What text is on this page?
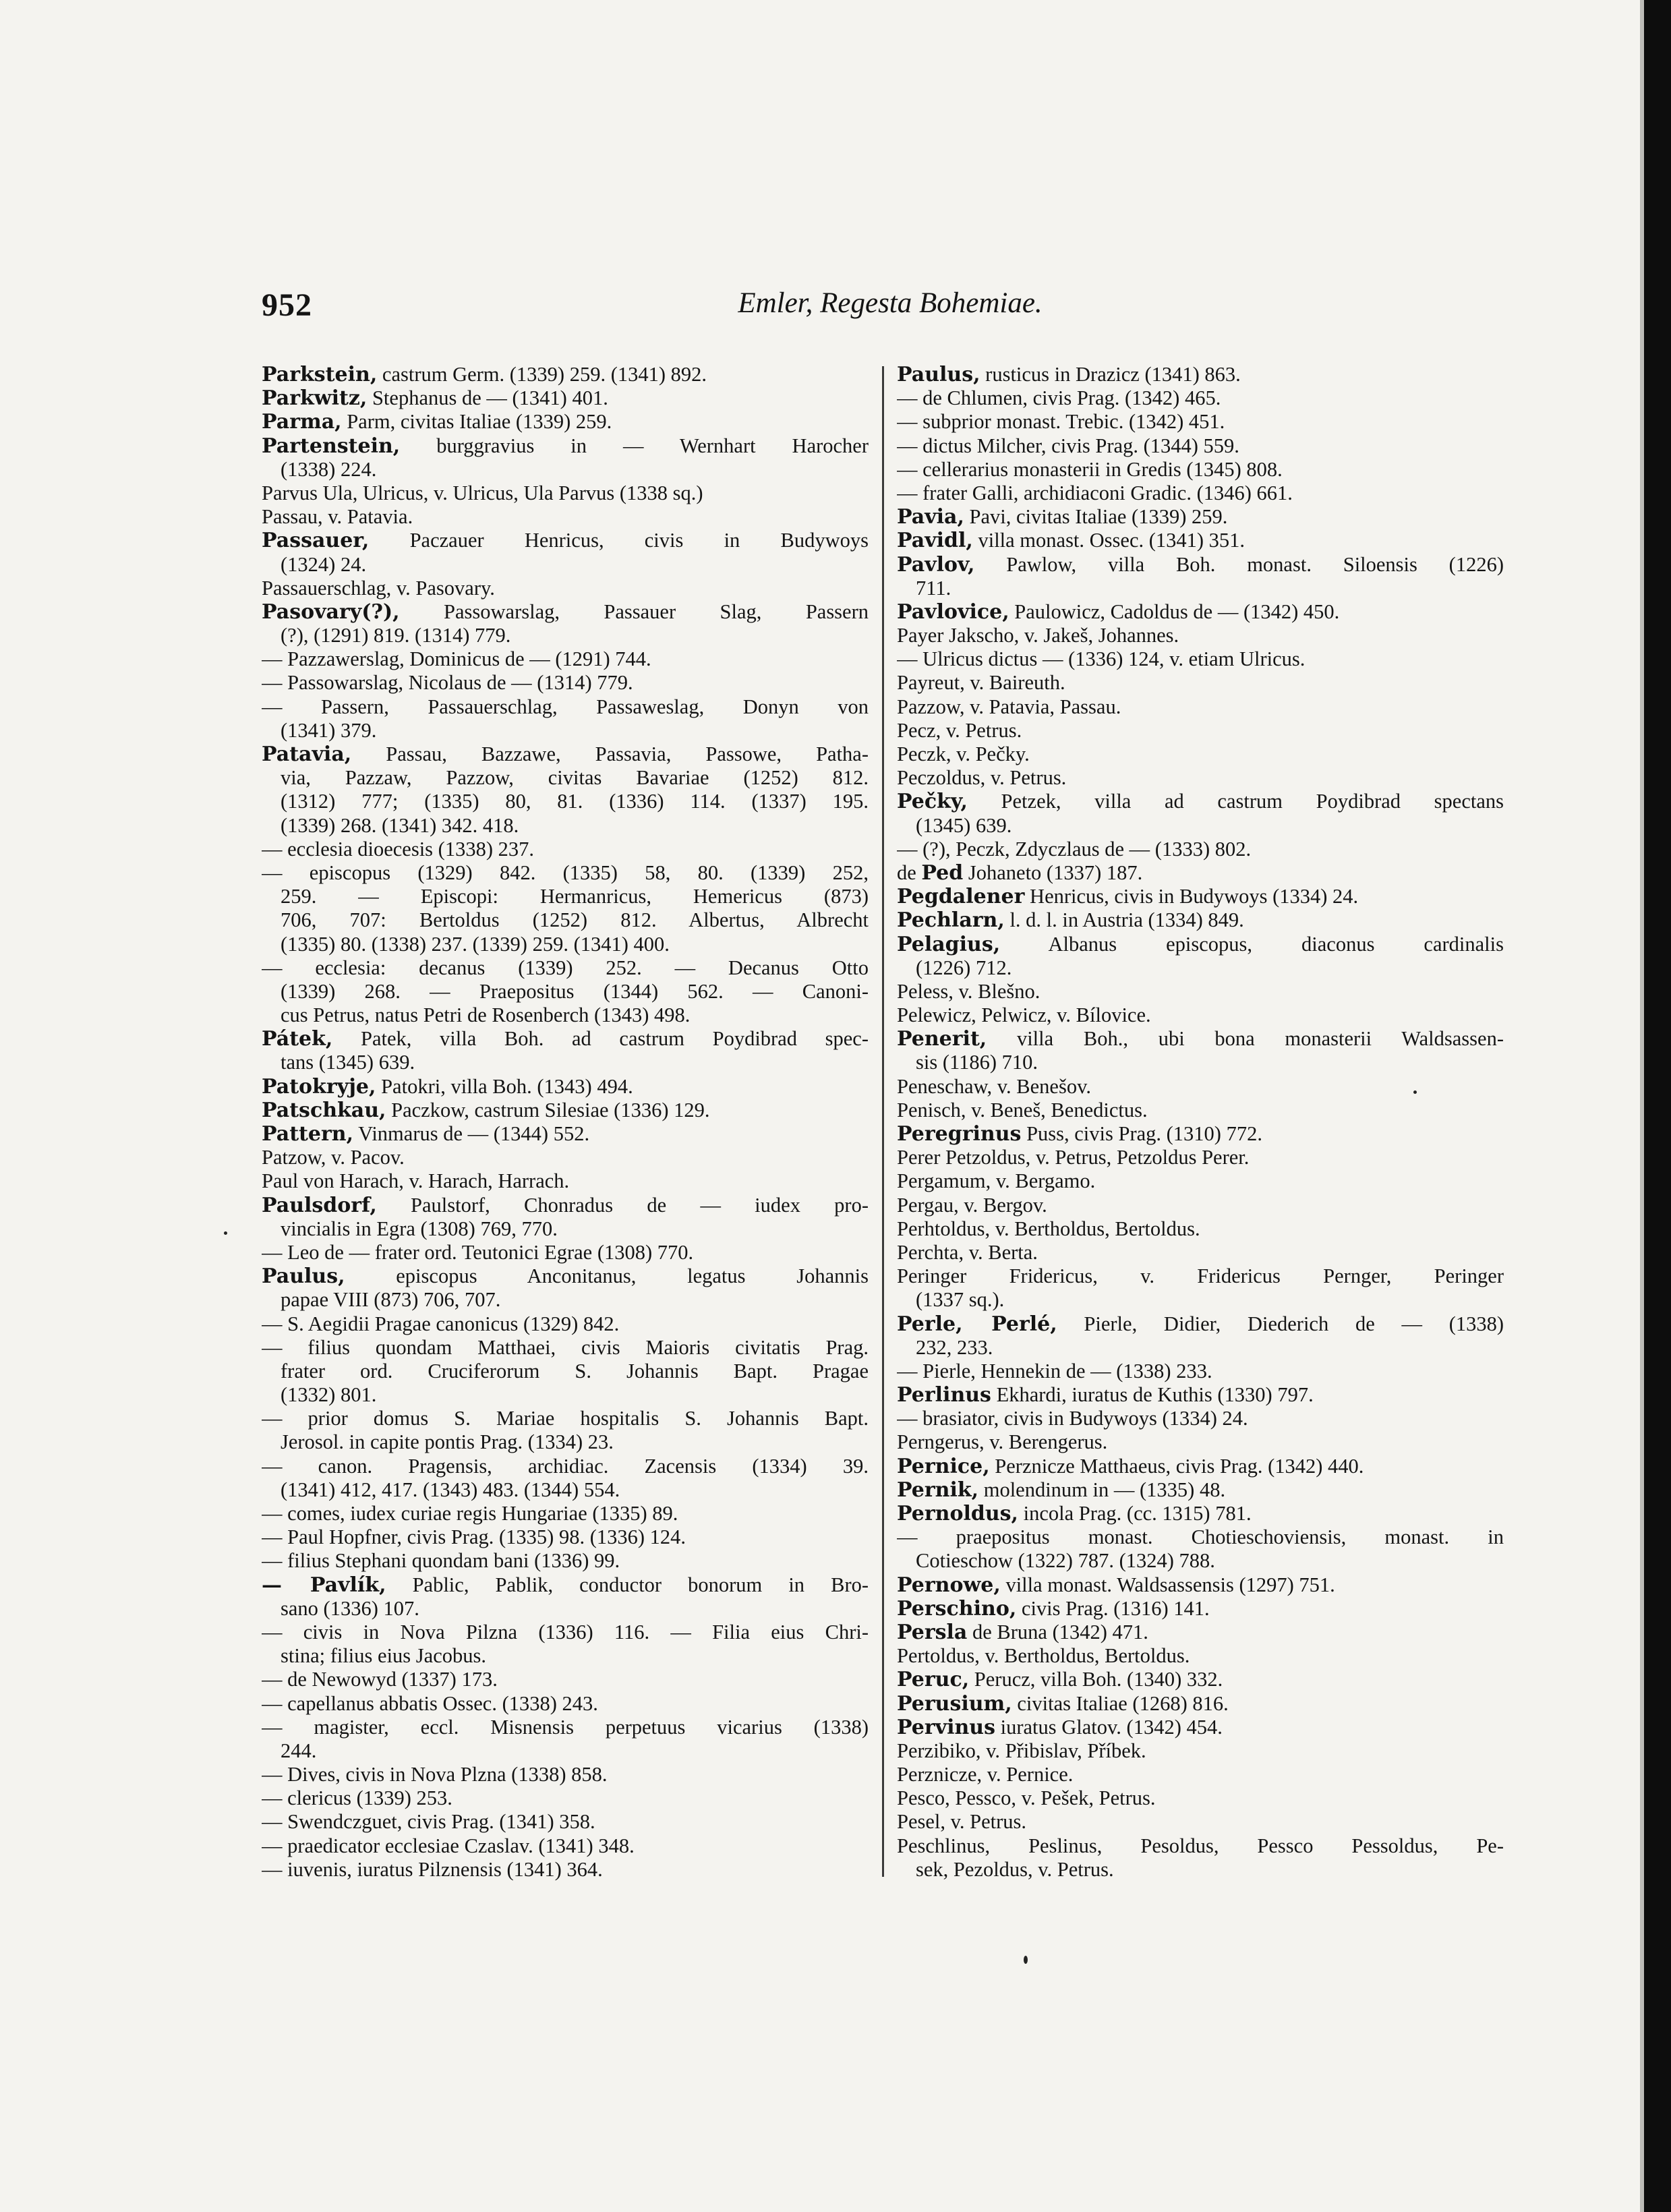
952	Emler, Regesta Bohemiae.
Parkstein, castrum Germ. (1339) 259. (1341) 892.
Parkwitz, Stephanus de — (1341) 401.
Parma, Parm, civitas Italiae (1339) 259.
Partenstein, burggravius in — Wernhart Harocher
(1338) 224.
Parvus Ula, Ulricus, v. Ulricus, Ula Parvus (1338 sq.)
Passau, v. Patavia.
Passauer, Paczauer Henricus, civis in Budywoys
(1324) 24.
Passauerschlag, v. Pasovary.
Pasovary(?), Passowarslag, Passauer Slag, Passern
(?), (1291) 819. (1314) 779.
— Pazzawerslag, Dominicus de — (1291) 744.
— Passowarslag, Nicolaus de — (1314) 779.
— Passern, Passauerschlag, Passaweslag, Donyn von
(1341) 379.
Patavia, Passau, Bazzawe, Passavia, Passowe, Patha-
via, Pazzaw, Pazzow, civitas Bavariae (1252) 812.
(1312) 777; (1335) 80, 81. (1336) 114. (1337) 195.
(1339) 268. (1341) 342. 418.
— ecclesia dioecesis (1338) 237.
— episcopus (1329) 842. (1335) 58, 80. (1339) 252,
259. — Episcopi: Hermanricus, Hemericus (873)
706, 707: Bertoldus (1252) 812. Albertus, Albrecht
(1335) 80. (1338) 237. (1339) 259. (1341) 400.
— ecclesia: decanus (1339) 252. — Decanus Otto
(1339) 268. — Praepositus (1344) 562. — Canoni-
cus Petrus, natus Petri de Rosenberch (1343) 498.
Pátek, Patek, villa Boh. ad castrum Poydibrad spec-
tans (1345) 639.
Patokryje, Patokri, villa Boh. (1343) 494.
Patschkau, Paczkow, castrum Silesiae (1336) 129.
Pattern, Vinmarus de — (1344) 552.
Patzow, v. Pacov.
Paul von Harach, v. Harach, Harrach.
Paulsdorf, Paulstorf, Chonradus de — iudex pro-
vincialis in Egra (1308) 769, 770.
— Leo de — frater ord. Teutonici Egrae (1308) 770.
Paulus, episcopus Anconitanus, legatus Johannis
papae VIII (873) 706, 707.
— S. Aegidii Pragae canonicus (1329) 842.
— filius quondam Matthaei, civis Maioris civitatis Prag.
frater ord. Cruciferorum S. Johannis Bapt. Pragae
(1332) 801.
— prior domus S. Mariae hospitalis S. Johannis Bapt.
Jerosol. in capite pontis Prag. (1334) 23.
— canon. Pragensis, archidiac. Zacensis (1334) 39.
(1341) 412, 417. (1343) 483. (1344) 554.
— comes, iudex curiae regis Hungariae (1335) 89.
— Paul Hopfner, civis Prag. (1335) 98. (1336) 124.
— filius Stephani quondam bani (1336) 99.
— Pavlík, Pablic, Pablik, conductor bonorum in Bro-
sano (1336) 107.
— civis in Nova Pilzna (1336) 116. — Filia eius Chri-
stina; filius eius Jacobus.
— de Newowyd (1337) 173.
— capellanus abbatis Ossec. (1338) 243.
— magister, eccl. Misnensis perpetuus vicarius (1338)
244.
— Dives, civis in Nova Plzna (1338) 858.
— clericus (1339) 253.
— Swendczguet, civis Prag. (1341) 358.
— praedicator ecclesiae Czaslav. (1341) 348.
— iuvenis, iuratus Pilznensis (1341) 364.
Paulus, rusticus in Drazicz (1341) 863.
— de Chlumen, civis Prag. (1342) 465.
— subprior monast. Trebic. (1342) 451.
— dictus Milcher, civis Prag. (1344) 559.
— cellerarius monasterii in Gredis (1345) 808.
— frater Galli, archidiaconi Gradic. (1346) 661.
Pavia, Pavi, civitas Italiae (1339) 259.
Pavidl, villa monast. Ossec. (1341) 351.
Pavlov, Pawlow, villa Boh. monast. Siloensis (1226)
711.
Pavlovice, Paulowicz, Cadoldus de — (1342) 450.
Payer Jakscho, v. Jakeš, Johannes.
— Ulricus dictus — (1336) 124, v. etiam Ulricus.
Payreut, v. Baireuth.
Pazzow, v. Patavia, Passau.
Pecz, v. Petrus.
Peczk, v. Pečky.
Peczoldus, v. Petrus.
Pečky, Petzek, villa ad castrum Poydibrad spectans
(1345) 639.
— (?), Peczk, Zdyczlaus de — (1333) 802.
de Ped Johaneto (1337) 187.
Pegdalener Henricus, civis in Budywoys (1334) 24.
Pechlarn, l. d. l. in Austria (1334) 849.
Pelagius, Albanus episcopus, diaconus cardinalis
(1226) 712.
Peless, v. Blešno.
Pelewicz, Pelwicz, v. Bílovice.
Penerit, villa Boh., ubi bona monasterii Waldsassen-
sis (1186) 710.
Peneschaw, v. Benešov.
Penisch, v. Beneš, Benedictus.
Peregrinus Puss, civis Prag. (1310) 772.
Perer Petzoldus, v. Petrus, Petzoldus Perer.
Pergamum, v. Bergamo.
Pergau, v. Bergov.
Perhtoldus, v. Bertholdus, Bertoldus.
Perchta, v. Berta.
Peringer Fridericus, v. Fridericus Pernger, Peringer
(1337 sq.).
Perle, Perlé, Pierle, Didier, Diederich de — (1338)
232, 233.
— Pierle, Hennekin de — (1338) 233.
Perlinus Ekhardi, iuratus de Kuthis (1330) 797.
— brasiator, civis in Budywoys (1334) 24.
Perngerus, v. Berengerus.
Pernice, Perznicze Matthaeus, civis Prag. (1342) 440.
Pernik, molendinum in — (1335) 48.
Pernoldus, incola Prag. (cc. 1315) 781.
— praepositus monast. Chotieschoviensis, monast. in
Cotieschow (1322) 787. (1324) 788.
Pernowe, villa monast. Waldsassensis (1297) 751.
Perschino, civis Prag. (1316) 141.
Persla de Bruna (1342) 471.
Pertoldus, v. Bertholdus, Bertoldus.
Peruc, Perucz, villa Boh. (1340) 332.
Perusium, civitas Italiae (1268) 816.
Pervinus iuratus Glatov. (1342) 454.
Perzibiko, v. Přibislav, Příbek.
Perznicze, v. Pernice.
Pesco, Pessco, v. Pešek, Petrus.
Pesel, v. Petrus.
Peschlinus, Peslinus, Pesoldus, Pessco Pessoldus, Pe-
sek, Pezoldus, v. Petrus.
